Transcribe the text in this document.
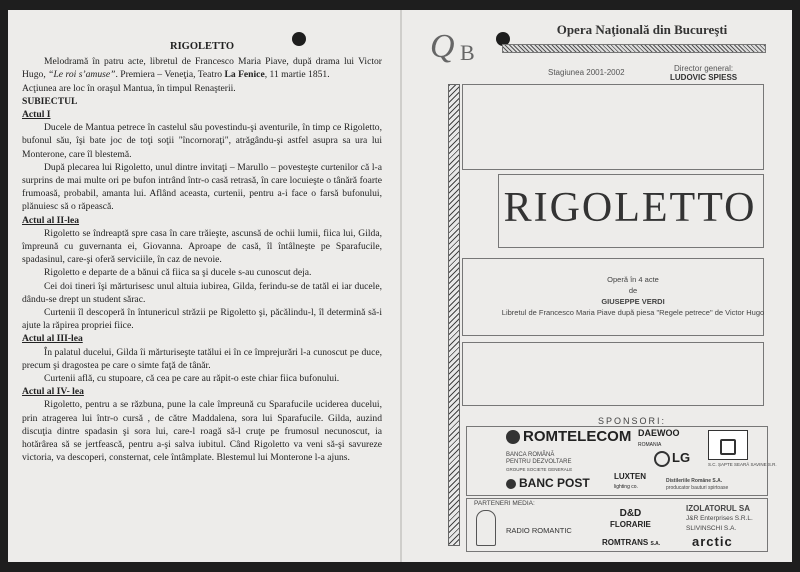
RIGOLETTO

Melodramă în patru acte, libretul de Francesco Maria Piave, după drama lui Victor Hugo, “Le roi s’amuse”. Premiera – Veneţia, Teatro La Fenice, 11 martie 1851.

Acţiunea are loc în oraşul Mantua, în timpul Renaşterii.

SUBIECTUL

Actul I

Ducele de Mantua petrece în castelul său povestindu-şi aventurile, în timp ce Rigoletto, bufonul său, îşi bate joc de toţi soţii "încornoraţi", atrăgându-şi astfel asupra sa ura lui Monterone, care îl blestemă.

După plecarea lui Rigoletto, unul dintre invitaţi – Marullo – povesteşte curtenilor că l-a surprins de mai multe ori pe bufon intrând într-o casă retrasă, în care locuieşte o tânără foarte frumoasă, probabil, amanta lui. Aflând aceasta, curtenii, pentru a-i face o farsă bufonului, plănuiesc să o răpească.

Actul al II-lea

Rigoletto se îndreaptă spre casa în care trăieşte, ascunsă de ochii lumii, fiica lui, Gilda, împreună cu guvernanta ei, Giovanna. Aproape de casă, îl întâlneşte pe Sparafucile, spadasinul, care-şi oferă serviciile, în caz de nevoie.

Rigoletto e departe de a bănui că fiica sa şi ducele s-au cunoscut deja.

Cei doi tineri îşi mărturisesc unul altuia iubirea, Gilda, ferindu-se de tatăl ei iar ducele, dându-se drept un student sărac.

Curtenii îl descoperă în întunericul străzii pe Rigoletto şi, păcălindu-l, îl determină să-i ajute la răpirea propriei fiice.

Actul al III-lea

În palatul ducelui, Gilda îi mărturiseşte tatălui ei în ce împrejurări l-a cunoscut pe duce, precum şi dragostea pe care o simte faţă de tânăr.

Curtenii află, cu stupoare, că cea pe care au răpit-o este chiar fiica bufonului.

Actul al IV- lea

Rigoletto, pentru a se răzbuna, pune la cale împreună cu Sparafucile uciderea ducelui, prin atragerea lui într-o cursă , de către Maddalena, sora lui Sparafucile. Gilda, auzind discuţia dintre spadasin şi sora lui, care-l roagă să-l cruţe pe frumosul necunoscut, ia hotărârea să se jertfească, pentru a-şi salva iubitul. Când Rigoletto va veni să-şi savureze victoria, va descoperi, consternat, cele întâmplate. Blestemul lui Monterone l-a ajuns.

Q B
Opera Naţională din Bucureşti
Stagiunea 2001-2002	Director general:
LUDOVIC SPIESS
RIGOLETTO
Operă în 4 acte
de
GIUSEPPE VERDI
Libretul de Francesco Maria Piave după piesa "Regele petrece" de Victor Hugo
SPONSORI:
ROMTELECOM DAEWOO
ROMANIA
BANCA ROMÂNĂ
PENTRU DEZVOLTARE
GROUPE SOCIETE GENERALE
LG	S.C. ȘAPTE SEARĂ SAVINE S.R.
BANC POST	LUXTEN
lighting co.
Distileriile Române S.A.
producator bauturi spirtoase
PARTENERI MEDIA:
RADIO ROMANTIC
D&D
FLORARIE
IZOLATORUL SA
J&R Enterprises S.R.L.
SLIVINSCHI S.A.
ROMTRANS S.A. arctic
